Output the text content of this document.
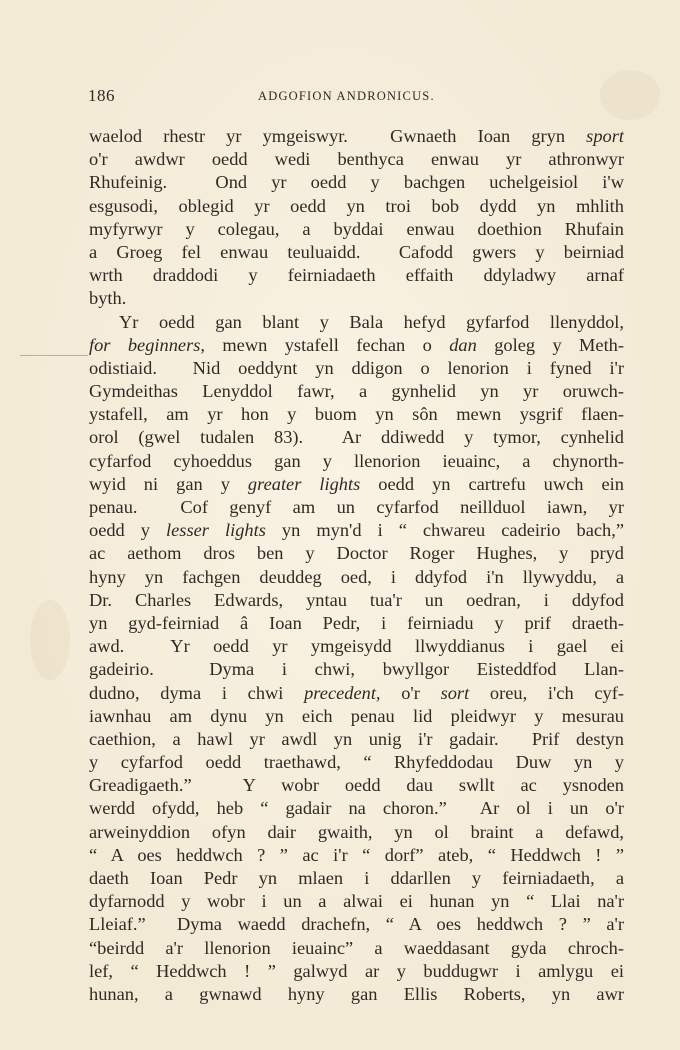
186	ADGOFION ANDRONICUS.
waelod rhestr yr ymgeiswyr.  Gwnaeth Ioan gryn sport
o'r awdwr oedd wedi benthyca enwau yr athronwyr
Rhufeinig.  Ond yr oedd y bachgen uchelgeisiol i'w
esgusodi, oblegid yr oedd yn troi bob dydd yn mhlith
myfyrwyr y colegau, a byddai enwau doethion Rhufain
a Groeg fel enwau teuluaidd.  Cafodd gwers y beirniad
wrth draddodi y feirniadaeth effaith ddyladwy arnaf
byth.
Yr oedd gan blant y Bala hefyd gyfarfod llenyddol,
for beginners, mewn ystafell fechan o dan goleg y Meth-
odistiaid.  Nid oeddynt yn ddigon o lenorion i fyned i'r
Gymdeithas Lenyddol fawr, a gynhelid yn yr oruwch-
ystafell, am yr hon y buom yn sôn mewn ysgrif flaen-
orol (gwel tudalen 83).  Ar ddiwedd y tymor, cynhelid
cyfarfod cyhoeddus gan y llenorion ieuainc, a chynorth-
wyid ni gan y greater lights oedd yn cartrefu uwch ein
penau.  Cof genyf am un cyfarfod neillduol iawn, yr
oedd y lesser lights yn myn'd i “ chwareu cadeirio bach,”
ac aethom dros ben y Doctor Roger Hughes, y pryd
hyny yn fachgen deuddeg oed, i ddyfod i'n llywyddu, a
Dr. Charles Edwards, yntau tua'r un oedran, i ddyfod
yn gyd-feirniad â Ioan Pedr, i feirniadu y prif draeth-
awd.  Yr oedd yr ymgeisydd llwyddianus i gael ei
gadeirio.  Dyma i chwi, bwyllgor Eisteddfod Llan-
dudno, dyma i chwi precedent, o'r sort oreu, i'ch cyf-
iawnhau am dynu yn eich penau lid pleidwyr y mesurau
caethion, a hawl yr awdl yn unig i'r gadair.  Prif destyn
y cyfarfod oedd traethawd, “ Rhyfeddodau Duw yn y
Greadigaeth.”  Y wobr oedd dau swllt ac ysnoden
werdd ofydd, heb “ gadair na choron.”  Ar ol i un o'r
arweinyddion ofyn dair gwaith, yn ol braint a defawd,
“ A oes heddwch ? ” ac i'r “ dorf” ateb, “ Heddwch ! ”
daeth Ioan Pedr yn mlaen i ddarllen y feirniadaeth, a
dyfarnodd y wobr i un a alwai ei hunan yn “ Llai na'r
Lleiaf.”  Dyma waedd drachefn, “ A oes heddwch ? ” a'r
“beirdd a'r llenorion ieuainc” a waeddasant gyda chroch-
lef, “ Heddwch ! ” galwyd ar y buddugwr i amlygu ei
hunan, a gwnawd hyny gan Ellis Roberts, yn awr
